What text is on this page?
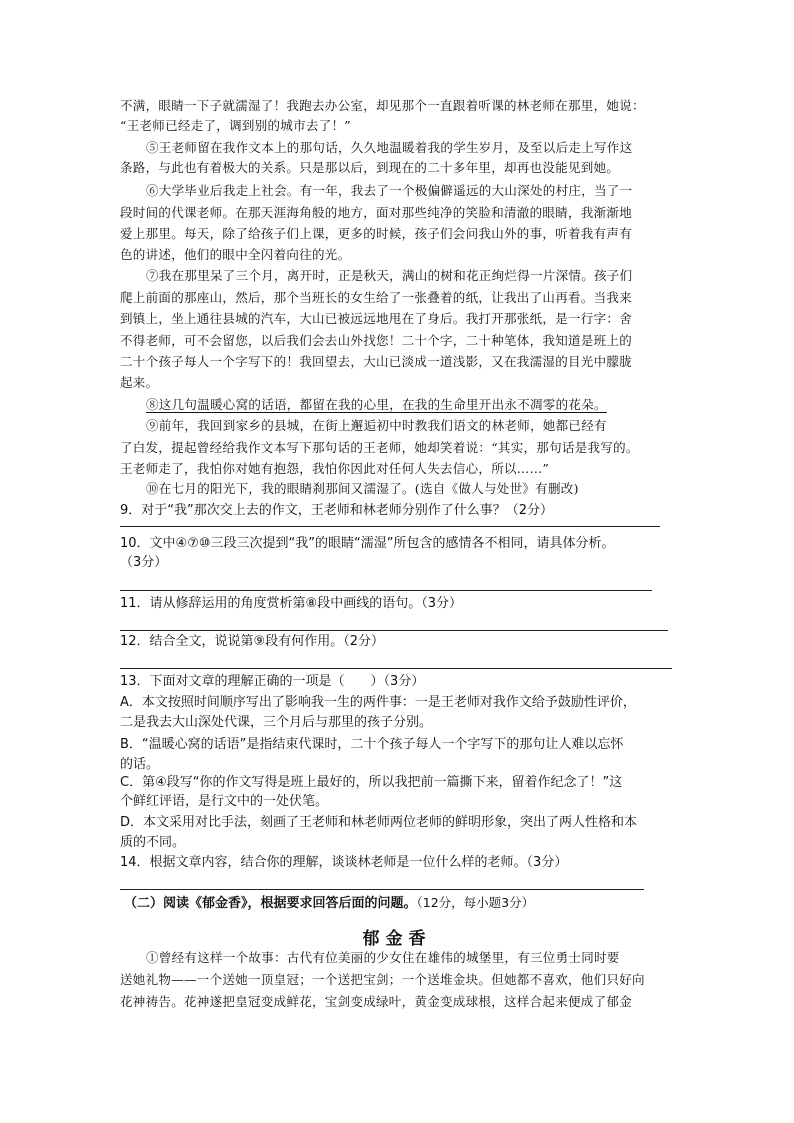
不满，眼睛一下子就濡湿了！我跑去办公室，却见那个一直跟着听课的林老师在那里，她说：
“王老师已经走了，调到别的城市去了！”
⑤王老师留在我作文本上的那句话，久久地温暖着我的学生岁月，及至以后走上写作这
条路，与此也有着极大的关系。只是那以后，到现在的二十多年里，却再也没能见到她。
⑥大学毕业后我走上社会。有一年，我去了一个极偏僻遥远的大山深处的村庄，当了一
段时间的代课老师。在那天涯海角般的地方，面对那些纯净的笑脸和清澈的眼睛，我渐渐地
爱上那里。每天，除了给孩子们上课，更多的时候，孩子们会问我山外的事，听着我有声有
色的讲述，他们的眼中全闪着向往的光。
⑦我在那里呆了三个月，离开时，正是秋天，满山的树和花正绚烂得一片深情。孩子们
爬上前面的那座山，然后，那个当班长的女生给了一张叠着的纸，让我出了山再看。当我来
到镇上，坐上通往县城的汽车，大山已被远远地甩在了身后。我打开那张纸，是一行字：舍
不得老师，可不会留您，以后我们会去山外找您！二十个字，二十种笔体，我知道是班上的
二十个孩子每人一个字写下的！我回望去，大山已淡成一道浅影，又在我濡湿的目光中朦胧
起来。
⑧这几句温暖心窝的话语，都留在我的心里，在我的生命里开出永不凋零的花朵。
⑨前年，我回到家乡的县城，在街上邂逅初中时教我们语文的林老师，她都已经有
了白发，提起曾经给我作文本写下那句话的王老师，她却笑着说：“其实，那句话是我写的。
王老师走了，我怕你对她有抱怨，我怕你因此对任何人失去信心，所以……”
⑩在七月的阳光下，我的眼睛刹那间又濡湿了。(选自《做人与处世》有删改)
9．对于“我”那次交上去的作文，王老师和林老师分别作了什么事？（2分）
10．文中④⑦⑩三段三次提到“我”的眼睛“濡湿”所包含的感情各不相同，请具体分析。
（3分）
11．请从修辞运用的角度赏析第⑧段中画线的语句。（3分）
12．结合全文，说说第⑨段有何作用。（2分）
13．下面对文章的理解正确的一项是（　　）（3分）
A．本文按照时间顺序写出了影响我一生的两件事：一是王老师对我作文给予鼓励性评价，
二是我去大山深处代课，三个月后与那里的孩子分别。
B．“温暖心窝的话语”是指结束代课时，二十个孩子每人一个字写下的那句让人难以忘怀
的话。
C．第④段写“你的作文写得是班上最好的，所以我把前一篇撕下来，留着作纪念了！”这
个鲜红评语，是行文中的一处伏笔。
D．本文采用对比手法，刻画了王老师和林老师两位老师的鲜明形象，突出了两人性格和本
质的不同。
14．根据文章内容，结合你的理解，谈谈林老师是一位什么样的老师。（3分）
（二）阅读《郁金香》，根据要求回答后面的问题。（12分，每小题3分）
郁金香
①曾经有这样一个故事：古代有位美丽的少女住在雄伟的城堡里，有三位勇士同时要
送她礼物——一个送她一顶皇冠；一个送把宝剑；一个送堆金块。但她都不喜欢，他们只好向
花神祷告。花神遂把皇冠变成鲜花，宝剑变成绿叶，黄金变成球根，这样合起来便成了郁金
